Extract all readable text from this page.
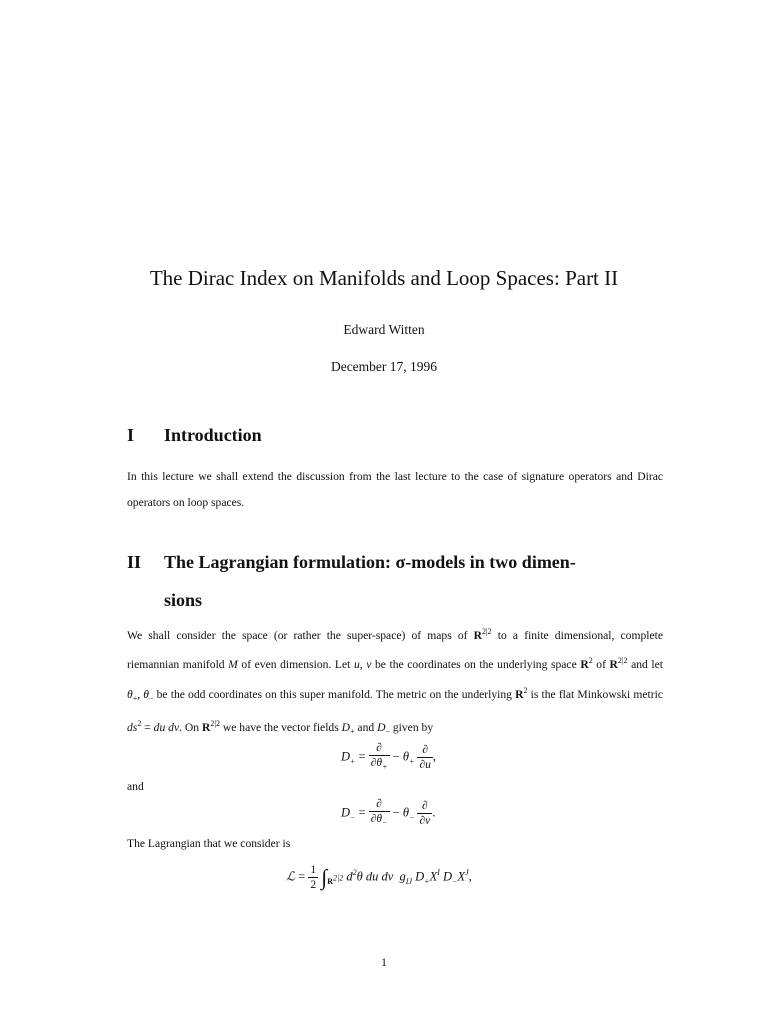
The Dirac Index on Manifolds and Loop Spaces: Part II
Edward Witten
December 17, 1996
I Introduction
In this lecture we shall extend the discussion from the last lecture to the case of signature operators and Dirac operators on loop spaces.
II The Lagrangian formulation: σ-models in two dimen-
sions
We shall consider the space (or rather the super-space) of maps of $R^{2|2}$ to a finite dimensional, complete riemannian manifold M of even dimension. Let u, v be the coordinates on the underlying space $R^2$ of $R^{2|2}$ and let $\theta_+$, $\theta_-$ be the odd coordinates on this super manifold. The metric on the underlying $R^2$ is the flat Minkowski metric $ds^2$ = du dv. On $R^{2|2}$ we have the vector fields $D_+$ and $D_-$ given by
$D_+ = \frac{\partial}{\partial\theta_+} - \theta_+ \frac{\partial}{\partial u}$ ,
and
$D_- = \frac{\partial}{\partial\theta_-} - \theta_- \frac{\partial}{\partial v}$ .
The Lagrangian that we consider is
ℒ = $\frac{1}{2} \int_{R^{2|2}}$ $d^2\theta$ du dv  $g_{IJ}$ $D_+X^I$ $D_-X^J$,
1
